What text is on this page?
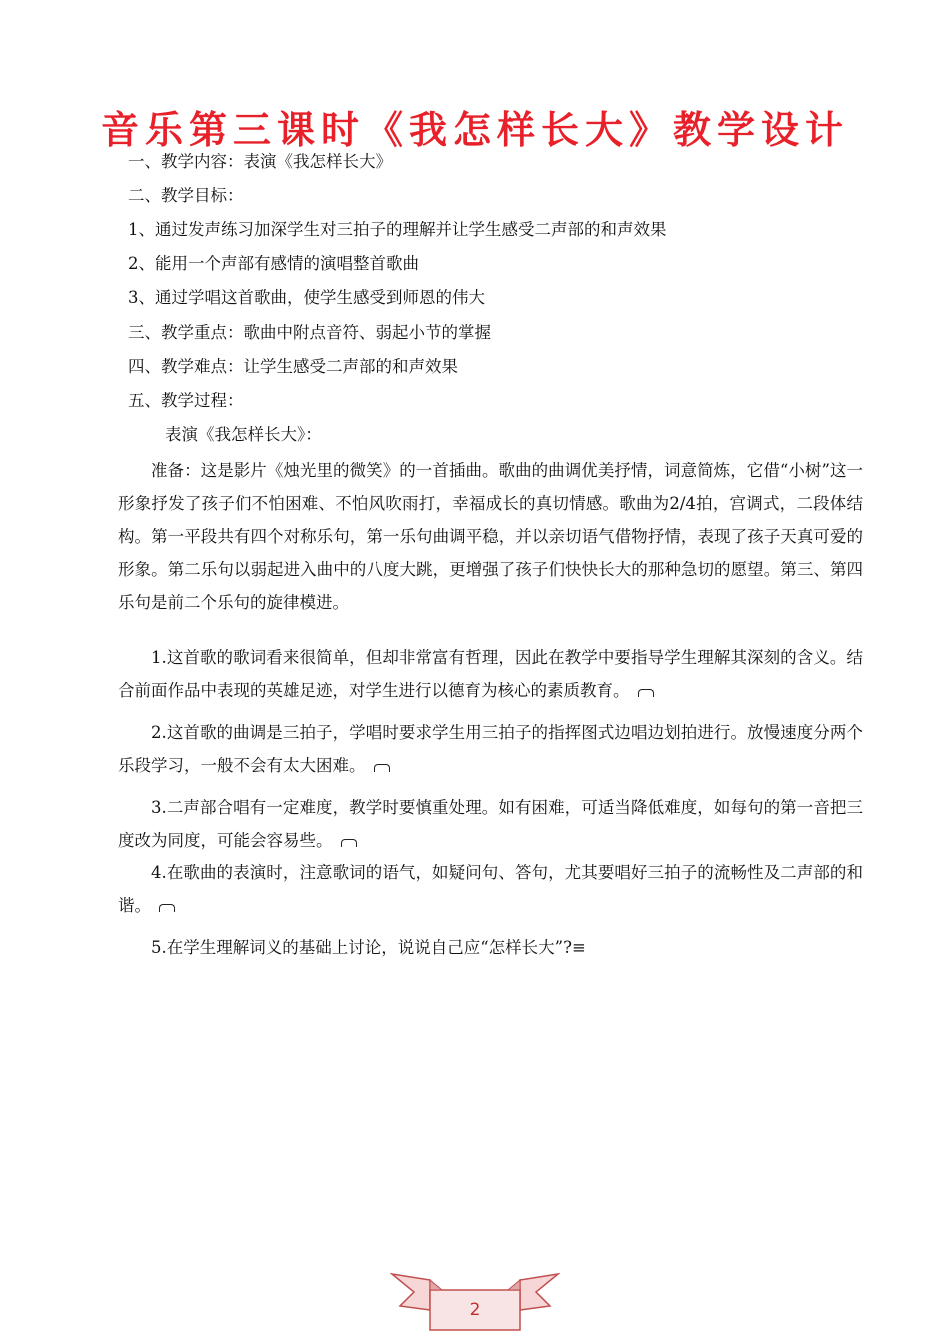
音乐第三课时《我怎样长大》教学设计
一、教学内容：表演《我怎样长大》
二、教学目标：
1、通过发声练习加深学生对三拍子的理解并让学生感受二声部的和声效果
2、能用一个声部有感情的演唱整首歌曲
3、通过学唱这首歌曲，使学生感受到师恩的伟大
三、教学重点：歌曲中附点音符、弱起小节的掌握
四、教学难点：让学生感受二声部的和声效果
五、教学过程：
表演《我怎样长大》：

准备：这是影片《烛光里的微笑》的一首插曲。歌曲的曲调优美抒情，词意简炼，它借“小树”这一形象抒发了孩子们不怕困难、不怕风吹雨打，幸福成长的真切情感。歌曲为2/4拍，宫调式，二段体结构。第一平段共有四个对称乐句，第一乐句曲调平稳，并以亲切语气借物抒情，表现了孩子天真可爱的形象。第二乐句以弱起进入曲中的八度大跳，更增强了孩子们快快长大的那种急切的愿望。第三、第四乐句是前二个乐句的旋律模进。

1.这首歌的歌词看来很简单，但却非常富有哲理，因此在教学中要指导学生理解其深刻的含义。结合前面作品中表现的英雄足迹，对学生进行以德育为核心的素质教育。

2.这首歌的曲调是三拍子，学唱时要求学生用三拍子的指挥图式边唱边划拍进行。放慢速度分两个乐段学习，一般不会有太大困难。

3.二声部合唱有一定难度，教学时要慎重处理。如有困难，可适当降低难度，如每句的第一音把三度改为同度，可能会容易些。

4.在歌曲的表演时，注意歌词的语气，如疑问句、答句，尤其要唱好三拍子的流畅性及二声部的和谐。

5.在学生理解词义的基础上讨论，说说自己应“怎样长大”?≡

2
